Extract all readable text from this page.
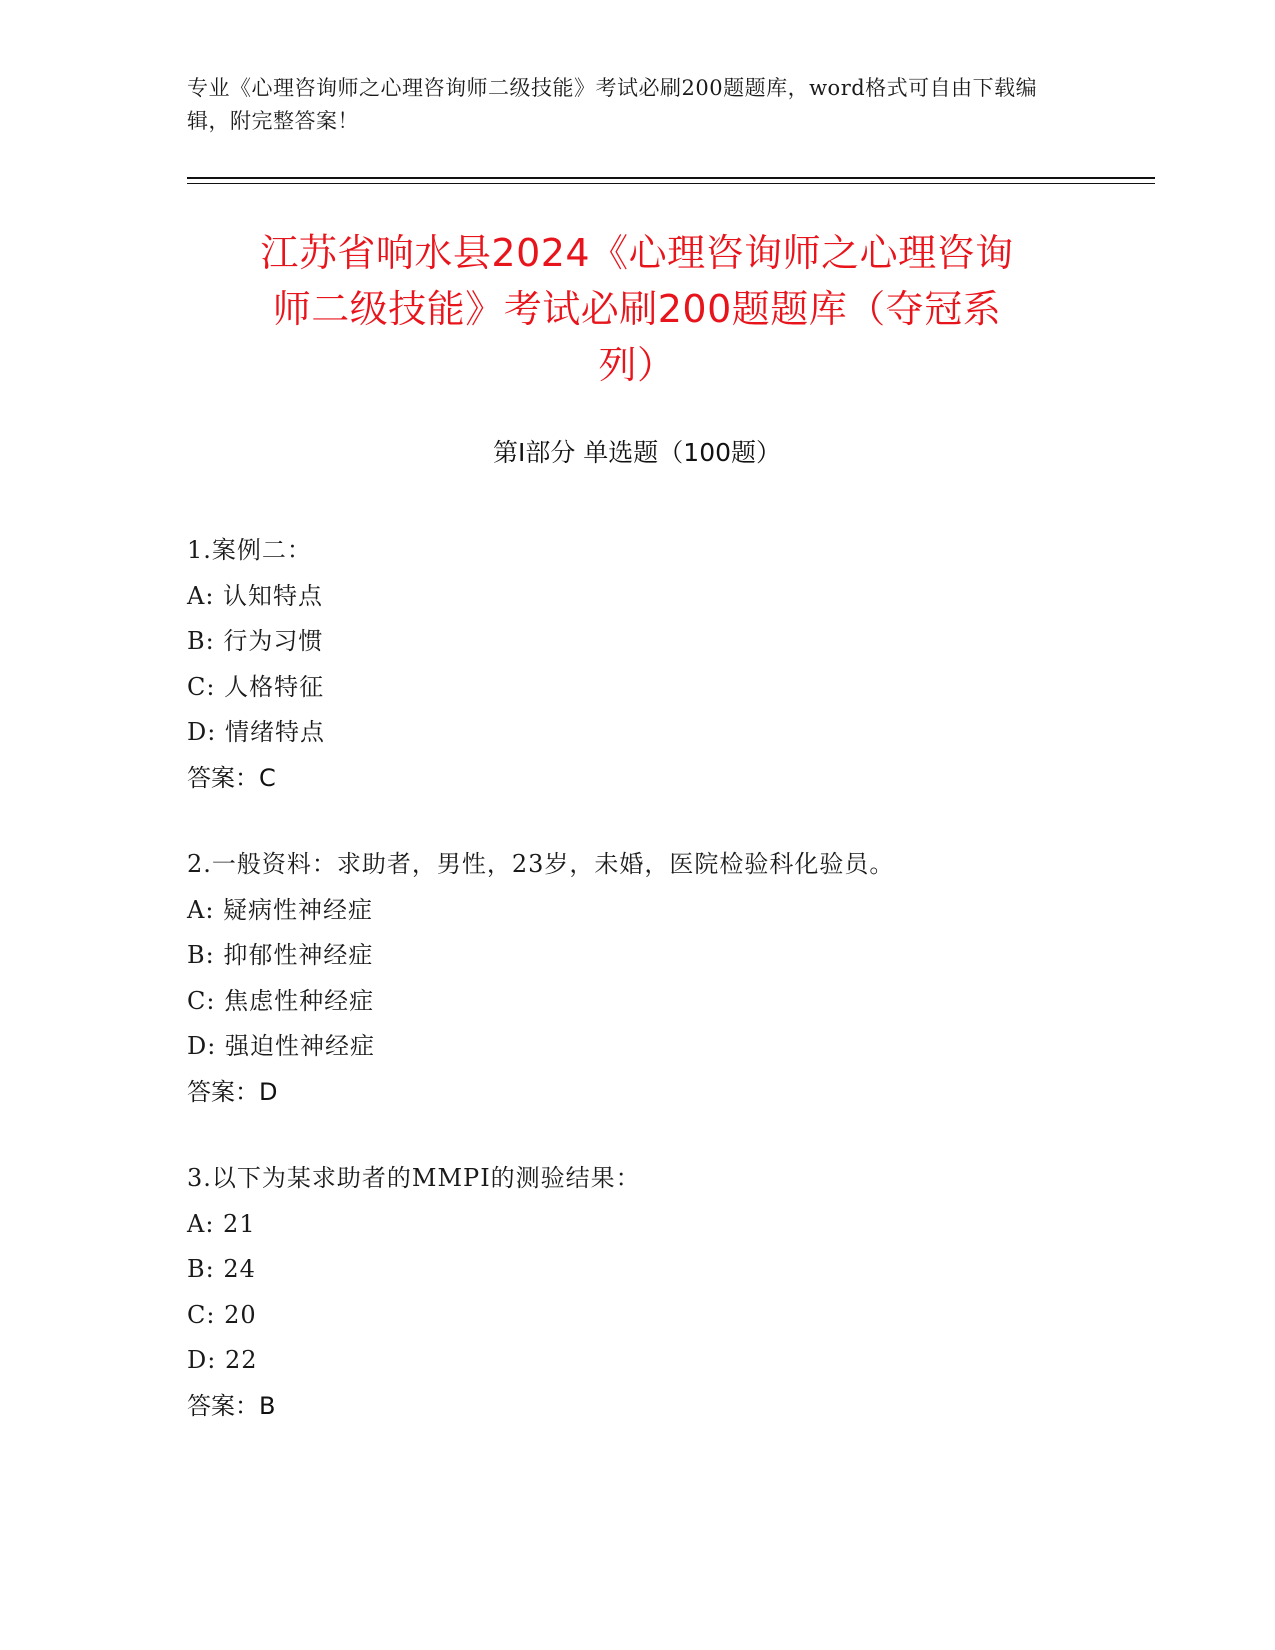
专业《心理咨询师之心理咨询师二级技能》考试必刷200题题库，word格式可自由下载编辑，附完整答案！
江苏省响水县2024《心理咨询师之心理咨询
师二级技能》考试必刷200题题库（夺冠系
列）
第Ⅰ部分 单选题（100题）
1.案例二：
A: 认知特点
B: 行为习惯
C: 人格特征
D: 情绪特点
答案：C
2.一般资料：求助者，男性，23岁，未婚，医院检验科化验员。
A: 疑病性神经症
B: 抑郁性神经症
C: 焦虑性种经症
D: 强迫性神经症
答案：D
3.以下为某求助者的MMPI的测验结果：
A: 21
B: 24
C: 20
D: 22
答案：B
